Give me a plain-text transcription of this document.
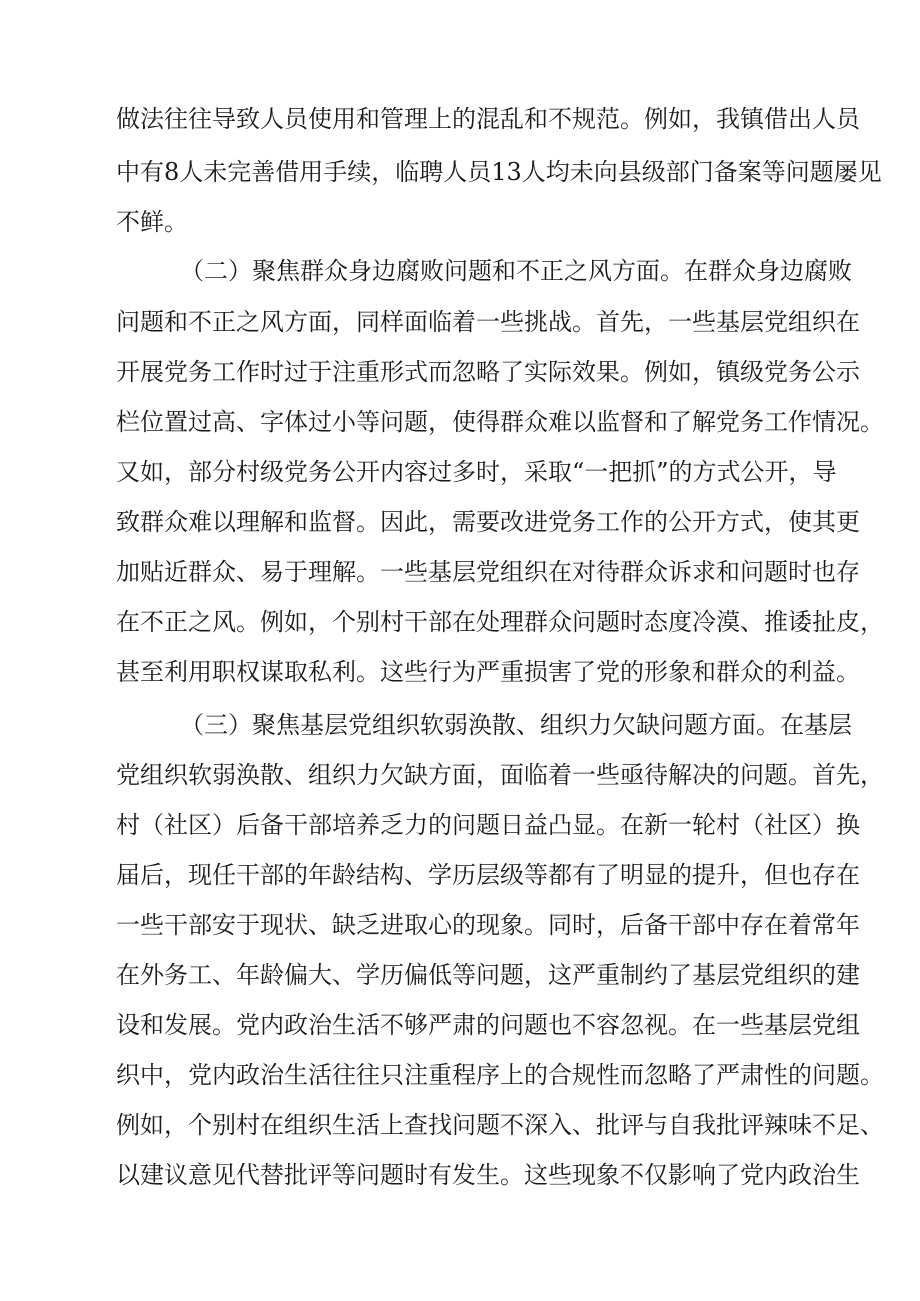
做法往往导致人员使用和管理上的混乱和不规范。例如，我镇借出人员
中有8人未完善借用手续，临聘人员13人均未向县级部门备案等问题屡见
不鲜。
（二）聚焦群众身边腐败问题和不正之风方面。在群众身边腐败
问题和不正之风方面，同样面临着一些挑战。首先，一些基层党组织在
开展党务工作时过于注重形式而忽略了实际效果。例如，镇级党务公示
栏位置过高、字体过小等问题，使得群众难以监督和了解党务工作情况。
又如，部分村级党务公开内容过多时，采取“一把抓”的方式公开，导
致群众难以理解和监督。因此，需要改进党务工作的公开方式，使其更
加贴近群众、易于理解。一些基层党组织在对待群众诉求和问题时也存
在不正之风。例如，个别村干部在处理群众问题时态度冷漠、推诿扯皮，
甚至利用职权谋取私利。这些行为严重损害了党的形象和群众的利益。
（三）聚焦基层党组织软弱涣散、组织力欠缺问题方面。在基层
党组织软弱涣散、组织力欠缺方面，面临着一些亟待解决的问题。首先，
村（社区）后备干部培养乏力的问题日益凸显。在新一轮村（社区）换
届后，现任干部的年龄结构、学历层级等都有了明显的提升，但也存在
一些干部安于现状、缺乏进取心的现象。同时，后备干部中存在着常年
在外务工、年龄偏大、学历偏低等问题，这严重制约了基层党组织的建
设和发展。党内政治生活不够严肃的问题也不容忽视。在一些基层党组
织中，党内政治生活往往只注重程序上的合规性而忽略了严肃性的问题。
例如，个别村在组织生活上查找问题不深入、批评与自我批评辣味不足、
以建议意见代替批评等问题时有发生。这些现象不仅影响了党内政治生
